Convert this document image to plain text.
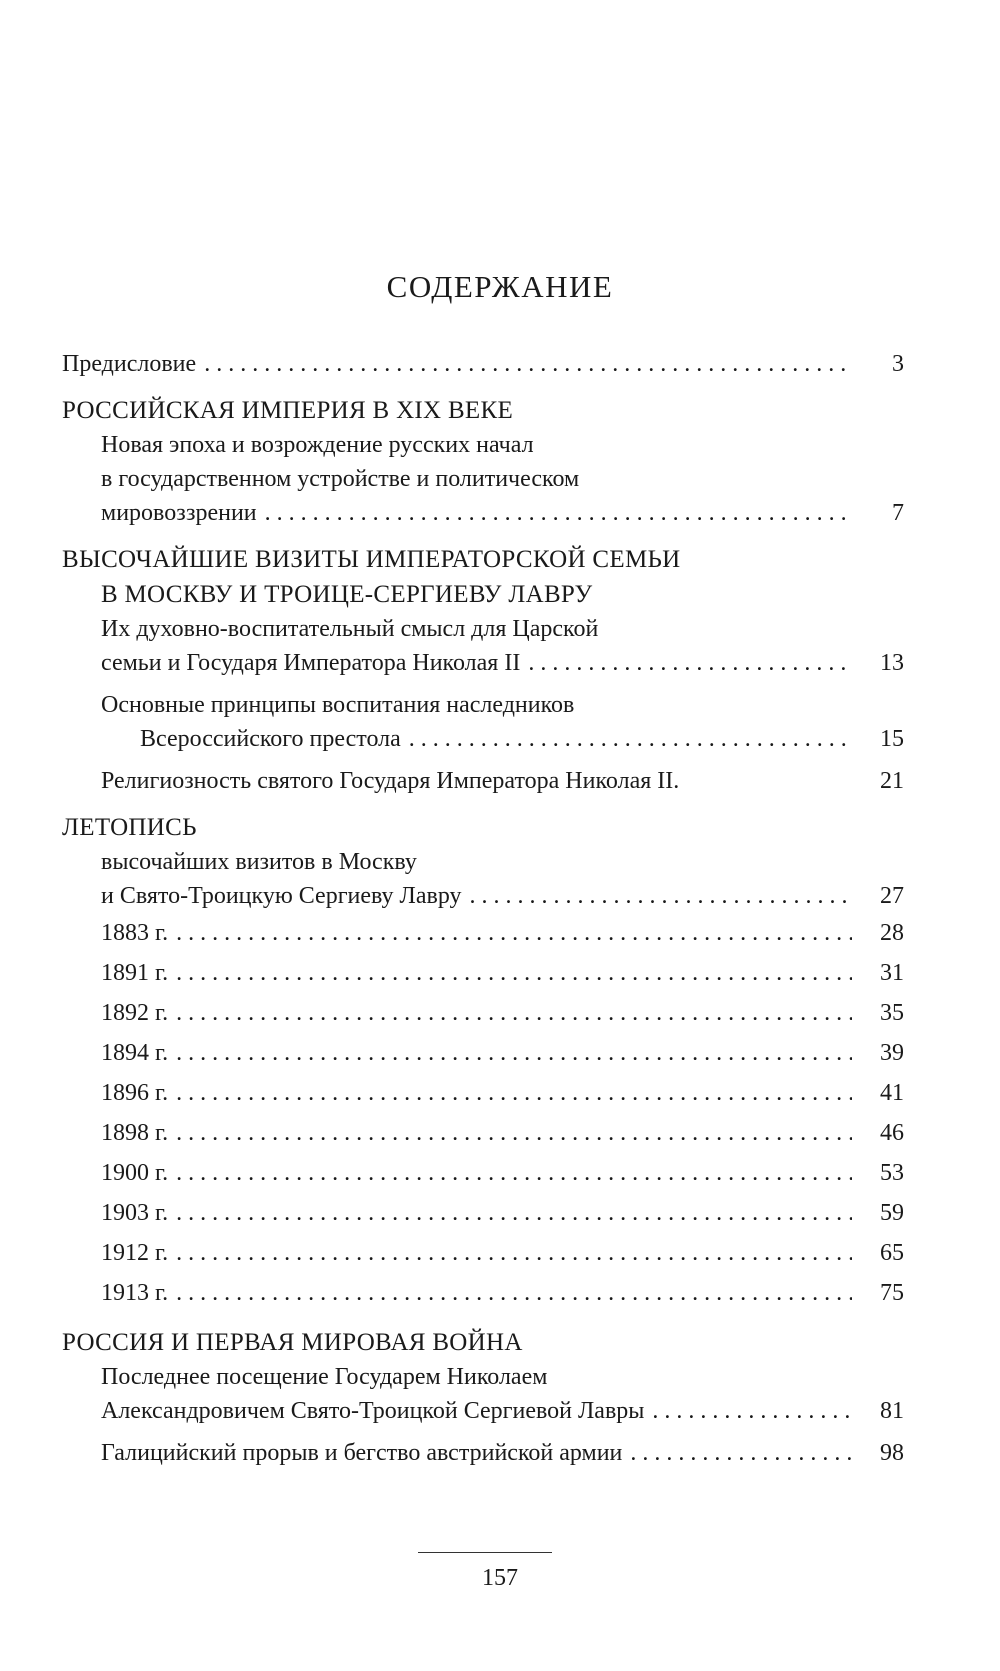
СОДЕРЖАНИЕ
Предисловие . . .	3
РОССИЙСКАЯ ИМПЕРИЯ В XIX ВЕКЕ
Новая эпоха и возрождение русских начал
в государственном устройстве и политическом
мировоззрении . . .	7
ВЫСОЧАЙШИЕ ВИЗИТЫ ИМПЕРАТОРСКОЙ СЕМЬИ
В МОСКВУ И ТРОИЦЕ-СЕРГИЕВУ ЛАВРУ
Их духовно-воспитательный смысл для Царской
семьи и Государя Императора Николая II . . .	13
Основные принципы воспитания наследников
Всероссийского престола . . .	15
Религиозность святого Государя Императора Николая II.	21
ЛЕТОПИСЬ
высочайших визитов в Москву
и Свято-Троицкую Сергиеву Лавру . . .	27
1883 г. . . .	28
1891 г. . . .	31
1892 г. . . .	35
1894 г. . . .	39
1896 г. . . .	41
1898 г. . . .	46
1900 г. . . .	53
1903 г. . . .	59
1912 г. . . .	65
1913 г. . . .	75
РОССИЯ И ПЕРВАЯ МИРОВАЯ ВОЙНА
Последнее посещение Государем Николаем
Александровичем Свято-Троицкой Сергиевой Лавры . . .	81
Галицийский прорыв и бегство австрийской армии . . .	98
157
